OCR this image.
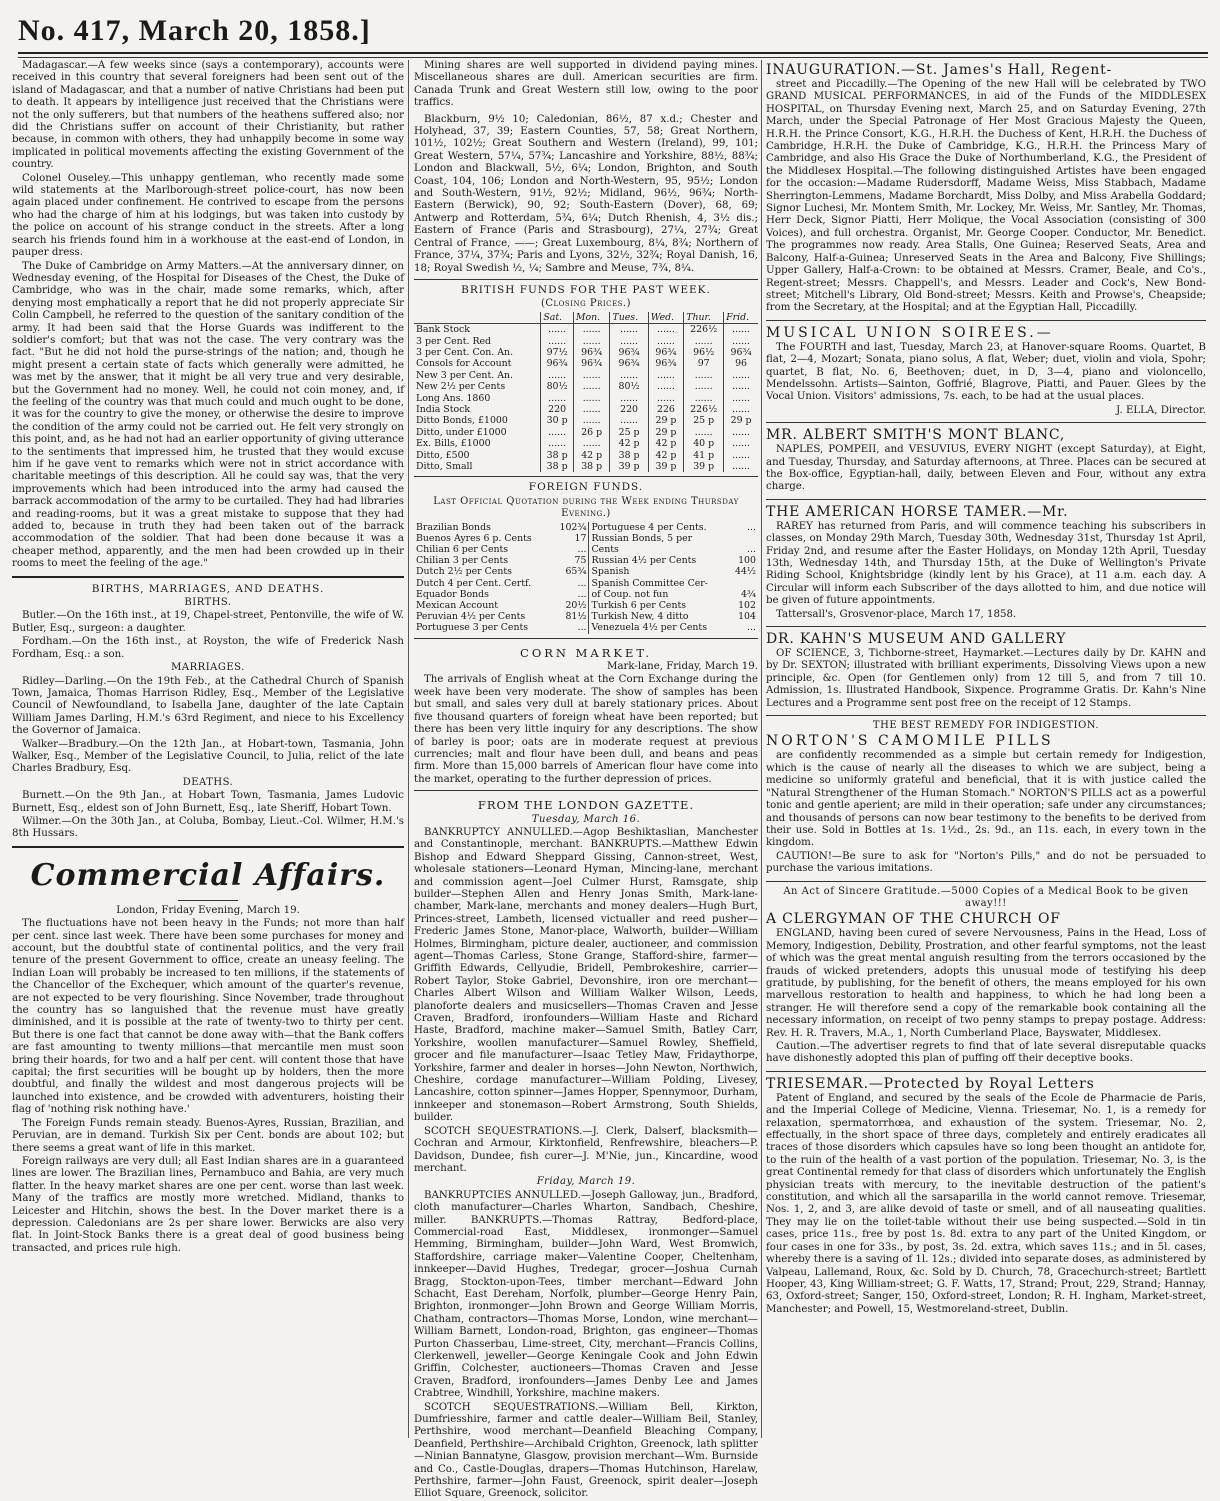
No. 417, March 20, 1858.]

Madagascar.—A few weeks since (says a contemporary), accounts were received in this country that several foreigners had been sent out of the island of Madagascar, and that a number of native Christians had been put to death. It appears by intelligence just received that the Christians were not the only sufferers, but that numbers of the heathens suffered also; nor did the Christians suffer on account of their Christianity, but rather because, in common with others, they had unhappily become in some way implicated in political movements affecting the existing Government of the country.

Colonel Ouseley.—This unhappy gentleman, who recently made some wild statements at the Marlborough-street police-court, has now been again placed under confinement. He contrived to escape from the persons who had the charge of him at his lodgings, but was taken into custody by the police on account of his strange conduct in the streets. After a long search his friends found him in a workhouse at the east-end of London, in pauper dress.

The Duke of Cambridge on Army Matters.—At the anniversary dinner, on Wednesday evening, of the Hospital for Diseases of the Chest, the Duke of Cambridge, who was in the chair, made some remarks, which, after denying most emphatically a report that he did not properly appreciate Sir Colin Campbell, he referred to the question of the sanitary condition of the army. It had been said that the Horse Guards was indifferent to the soldier's comfort; but that was not the case. The very contrary was the fact. "But he did not hold the purse-strings of the nation; and, though he might present a certain state of facts which generally were admitted, he was met by the answer, that it might be all very true and very desirable, but the Government had no money. Well, he could not coin money, and, if the feeling of the country was that much could and much ought to be done, it was for the country to give the money, or otherwise the desire to improve the condition of the army could not be carried out. He felt very strongly on this point, and, as he had not had an earlier opportunity of giving utterance to the sentiments that impressed him, he trusted that they would excuse him if he gave vent to remarks which were not in strict accordance with charitable meetings of this description. All he could say was, that the very improvements which had been introduced into the army had caused the barrack accommodation of the army to be curtailed. They had had libraries and reading-rooms, but it was a great mistake to suppose that they had added to, because in truth they had been taken out of the barrack accommodation of the soldier. That had been done because it was a cheaper method, apparently, and the men had been crowded up in their rooms to meet the feeling of the age."

BIRTHS, MARRIAGES, AND DEATHS.

BIRTHS.

Butler.—On the 16th inst., at 19, Chapel-street, Pentonville, the wife of W. Butler, Esq., surgeon: a daughter.

Fordham.—On the 16th inst., at Royston, the wife of Frederick Nash Fordham, Esq.: a son.

MARRIAGES.

Ridley—Darling.—On the 19th Feb., at the Cathedral Church of Spanish Town, Jamaica, Thomas Harrison Ridley, Esq., Member of the Legislative Council of Newfoundland, to Isabella Jane, daughter of the late Captain William James Darling, H.M.'s 63rd Regiment, and niece to his Excellency the Governor of Jamaica.

Walker—Bradbury.—On the 12th Jan., at Hobart-town, Tasmania, John Walker, Esq., Member of the Legislative Council, to Julia, relict of the late Charles Bradbury, Esq.

DEATHS.

Burnett.—On the 9th Jan., at Hobart Town, Tasmania, James Ludovic Burnett, Esq., eldest son of John Burnett, Esq., late Sheriff, Hobart Town.

Wilmer.—On the 30th Jan., at Coluba, Bombay, Lieut.-Col. Wilmer, H.M.'s 8th Hussars.

Commercial Affairs.

London, Friday Evening, March 19.

The fluctuations have not been heavy in the Funds; not more than half per cent. since last week. There have been some purchases for money and account, but the doubtful state of continental politics, and the very frail tenure of the present Government to office, create an uneasy feeling. The Indian Loan will probably be increased to ten millions, if the statements of the Chancellor of the Exchequer, which amount of the quarter's revenue, are not expected to be very flourishing. Since November, trade throughout the country has so languished that the revenue must have greatly diminished, and it is possible at the rate of twenty-two to thirty per cent. But there is one fact that cannot be done away with—that the Bank coffers are fast amounting to twenty millions—that mercantile men must soon bring their hoards, for two and a half per cent. will content those that have capital; the first securities will be bought up by holders, then the more doubtful, and finally the wildest and most dangerous projects will be launched into existence, and be crowded with adventurers, hoisting their flag of 'nothing risk nothing have.'

The Foreign Funds remain steady. Buenos-Ayres, Russian, Brazilian, and Peruvian, are in demand. Turkish Six per Cent. bonds are about 102; but there seems a great want of life in this market.

Foreign railways are very dull; all East Indian shares are in a guaranteed lines are lower. The Brazilian lines, Pernambuco and Bahia, are very much flatter. In the heavy market shares are one per cent. worse than last week. Many of the traffics are mostly more wretched. Midland, thanks to Leicester and Hitchin, shows the best. In the Dover market there is a depression. Caledonians are 2s per share lower. Berwicks are also very flat. In Joint-Stock Banks there is a great deal of good business being transacted, and prices rule high.

Mining shares are well supported in dividend paying mines. Miscellaneous shares are dull. American securities are firm. Canada Trunk and Great Western still low, owing to the poor traffics.

Blackburn, 9½ 10; Caledonian, 86½, 87 x.d.; Chester and Holyhead, 37, 39; Eastern Counties, 57, 58; Great Northern, 101½, 102½; Great Southern and Western (Ireland), 99, 101; Great Western, 57¼, 57¾; Lancashire and Yorkshire, 88½, 88¾; London and Blackwall, 5½, 6¼; London, Brighton, and South Coast, 104, 106; London and North-Western, 95, 95½; London and South-Western, 91½, 92½; Midland, 96½, 96¾; North-Eastern (Berwick), 90, 92; South-Eastern (Dover), 68, 69; Antwerp and Rotterdam, 5¾, 6¼; Dutch Rhenish, 4, 3½ dis.; Eastern of France (Paris and Strasbourg), 27¼, 27¾; Great Central of France, ——; Great Luxembourg, 8¼, 8¾; Northern of France, 37¼, 37¾; Paris and Lyons, 32½, 32¾; Royal Danish, 16, 18; Royal Swedish ½, ¼; Sambre and Meuse, 7¾, 8¼.

BRITISH FUNDS FOR THE PAST WEEK.

(Closing Prices.)

	Sat.	Mon.	Tues.	Wed.	Thur.	Frid.
Bank Stock	......	......	......	......	226½	......
3 per Cent. Red	......	......	......	......	......	......
3 per Cent. Con. An.	97½	96¾	96¾	96¾	96½	96¾
Consols for Account	96¾	96¾	96¾	96¾	97	96
New 3 per Cent. An.	......	......	......	......	......	......
New 2½ per Cents	80½	......	80½	......	......	......
Long Ans. 1860	......	......	......	......	......	......
India Stock	220	......	220	226	226½	......
Ditto Bonds, £1000	30 p	......	......	29 p	25 p	29 p
Ditto, under £1000	......	26 p	25 p	29 p	......	......
Ex. Bills, £1000	......	......	42 p	42 p	40 p	......
Ditto, £500	38 p	42 p	38 p	42 p	41 p	......
Ditto, Small	38 p	38 p	39 p	39 p	39 p	......

FOREIGN FUNDS.

Last Official Quotation during the Week ending Thursday Evening.)

Brazilian Bonds	102¾	Portuguese 4 per Cents.	...
Buenos Ayres 6 p. Cents	17	Russian Bonds, 5 per	
Chilian 6 per Cents	...	Cents	...
Chilian 3 per Cents	75	Russian 4½ per Cents	100
Dutch 2½ per Cents	65¾	Spanish	44½
Dutch 4 per Cent. Certf.	...	Spanish Committee Cer-	
Equador Bonds	...	of Coup. not fun	4¾
Mexican Account	20½	Turkish 6 per Cents	102
Peruvian 4½ per Cents	81½	Turkish New, 4 ditto	104
Portuguese 3 per Cents	...	Venezuela 4½ per Cents	...

CORN MARKET.

Mark-lane, Friday, March 19.

The arrivals of English wheat at the Corn Exchange during the week have been very moderate. The show of samples has been but small, and sales very dull at barely stationary prices. About five thousand quarters of foreign wheat have been reported; but there has been very little inquiry for any descriptions. The show of barley is poor; oats are in moderate request at previous currencies; malt and flour have been dull, and beans and peas firm. More than 15,000 barrels of American flour have come into the market, operating to the further depression of prices.

FROM THE LONDON GAZETTE.

Tuesday, March 16.

BANKRUPTCY ANNULLED.—Agop Beshiktaslian, Manchester and Constantinople, merchant. BANKRUPTS.—Matthew Edwin Bishop and Edward Sheppard Gissing, Cannon-street, West, wholesale stationers—Leonard Hyman, Mincing-lane, merchant and commission agent—Joel Culmer Hurst, Ramsgate, ship builder—Stephen Allen and Henry Jonas Smith, Mark-lane-chamber, Mark-lane, merchants and money dealers—Hugh Burt, Princes-street, Lambeth, licensed victualler and reed pusher—Frederic James Stone, Manor-place, Walworth, builder—William Holmes, Birmingham, picture dealer, auctioneer, and commission agent—Thomas Carless, Stone Grange, Stafford-shire, farmer—Griffith Edwards, Cellyudie, Bridell, Pembrokeshire, carrier—Robert Taylor, Stoke Gabriel, Devonshire, iron ore merchant—Charles Albert Wilson and William Walker Wilson, Leeds, planoforte dealers and musicsellers—Thomas Craven and Jesse Craven, Bradford, ironfounders—William Haste and Richard Haste, Bradford, machine maker—Samuel Smith, Batley Carr, Yorkshire, woollen manufacturer—Samuel Rowley, Sheffield, grocer and file manufacturer—Isaac Tetley Maw, Fridaythorpe, Yorkshire, farmer and dealer in horses—John Newton, Northwich, Cheshire, cordage manufacturer—William Polding, Livesey, Lancashire, cotton spinner—James Hopper, Spennymoor, Durham, innkeeper and stonemason—Robert Armstrong, South Shields, builder.

SCOTCH SEQUESTRATIONS.—J. Clerk, Dalserf, blacksmith—Cochran and Armour, Kirktonfield, Renfrewshire, bleachers—P. Davidson, Dundee, fish curer—J. M'Nie, jun., Kincardine, wood merchant.

Friday, March 19.

BANKRUPTCIES ANNULLED.—Joseph Galloway, jun., Bradford, cloth manufacturer—Charles Wharton, Sandbach, Cheshire, miller. BANKRUPTS.—Thomas Rattray, Bedford-place, Commercial-road East, Middlesex, ironmonger—Samuel Hemming, Birmingham, builder—John Ward, West Bromwich, Staffordshire, carriage maker—Valentine Cooper, Cheltenham, innkeeper—David Hughes, Tredegar, grocer—Joshua Curnah Bragg, Stockton-upon-Tees, timber merchant—Edward John Schacht, East Dereham, Norfolk, plumber—George Henry Pain, Brighton, ironmonger—John Brown and George William Morris, Chatham, contractors—Thomas Morse, London, wine merchant—William Barnett, London-road, Brighton, gas engineer—Thomas Purton Chasserbau, Lime-street, City, merchant—Francis Collins, Clerkenwell, jeweller—George Keningale Cook and John Edwin Griffin, Colchester, auctioneers—Thomas Craven and Jesse Craven, Bradford, ironfounders—James Denby Lee and James Crabtree, Windhill, Yorkshire, machine makers.

SCOTCH SEQUESTRATIONS.—William Bell, Kirkton, Dumfriesshire, farmer and cattle dealer—William Beil, Stanley, Perthshire, wood merchant—Deanfield Bleaching Company, Deanfield, Perthshire—Archibald Crighton, Greenock, lath splitter—Ninian Bannatyne, Glasgow, provision merchant—Wm. Burnside and Co., Castle-Douglas, drapers—Thomas Hutchinson, Harelaw, Perthshire, farmer—John Faust, Greenock, spirit dealer—Joseph Elliot Square, Greenock, solicitor.

INAUGURATION.—St. James's Hall, Regent-

street and Piccadilly.—The Opening of the new Hall will be celebrated by TWO GRAND MUSICAL PERFORMANCES, in aid of the Funds of the MIDDLESEX HOSPITAL, on Thursday Evening next, March 25, and on Saturday Evening, 27th March, under the Special Patronage of Her Most Gracious Majesty the Queen, H.R.H. the Prince Consort, K.G., H.R.H. the Duchess of Kent, H.R.H. the Duchess of Cambridge, H.R.H. the Duke of Cambridge, K.G., H.R.H. the Princess Mary of Cambridge, and also His Grace the Duke of Northumberland, K.G., the President of the Middlesex Hospital.—The following distinguished Artistes have been engaged for the occasion:—Madame Rudersdorff, Madame Weiss, Miss Stabbach, Madame Sherrington-Lemmens, Madame Borchardt, Miss Dolby, and Miss Arabella Goddard; Signor Luchesi, Mr. Montem Smith, Mr. Lockey, Mr. Weiss, Mr. Santley, Mr. Thomas, Herr Deck, Signor Piatti, Herr Molique, the Vocal Association (consisting of 300 Voices), and full orchestra. Organist, Mr. George Cooper. Conductor, Mr. Benedict. The programmes now ready. Area Stalls, One Guinea; Reserved Seats, Area and Balcony, Half-a-Guinea; Unreserved Seats in the Area and Balcony, Five Shillings; Upper Gallery, Half-a-Crown: to be obtained at Messrs. Cramer, Beale, and Co's., Regent-street; Messrs. Chappell's, and Messrs. Leader and Cock's, New Bond-street; Mitchell's Library, Old Bond-street; Messrs. Keith and Prowse's, Cheapside; from the Secretary, at the Hospital; and at the Egyptian Hall, Piccadilly.

MUSICAL UNION SOIREES.—

The FOURTH and last, Tuesday, March 23, at Hanover-square Rooms. Quartet, B flat, 2—4, Mozart; Sonata, piano solus, A flat, Weber; duet, violin and viola, Spohr; quartet, B flat, No. 6, Beethoven; duet, in D, 3—4, piano and violoncello, Mendelssohn. Artists—Sainton, Goffrié, Blagrove, Piatti, and Pauer. Glees by the Vocal Union. Visitors' admissions, 7s. each, to be had at the usual places.

J. ELLA, Director.

MR. ALBERT SMITH'S MONT BLANC,

NAPLES, POMPEII, and VESUVIUS, EVERY NIGHT (except Saturday), at Eight, and Tuesday, Thursday, and Saturday afternoons, at Three. Places can be secured at the Box-office, Egyptian-hall, daily, between Eleven and Four, without any extra charge.

THE AMERICAN HORSE TAMER.—Mr.

RAREY has returned from Paris, and will commence teaching his subscribers in classes, on Monday 29th March, Tuesday 30th, Wednesday 31st, Thursday 1st April, Friday 2nd, and resume after the Easter Holidays, on Monday 12th April, Tuesday 13th, Wednesday 14th, and Thursday 15th, at the Duke of Wellington's Private Riding School, Knightsbridge (kindly lent by his Grace), at 11 a.m. each day. A Circular will inform each Subscriber of the days allotted to him, and due notice will be given of future appointments.

Tattersall's, Grosvenor-place, March 17, 1858.

DR. KAHN'S MUSEUM AND GALLERY

OF SCIENCE, 3, Tichborne-street, Haymarket.—Lectures daily by Dr. KAHN and by Dr. SEXTON; illustrated with brilliant experiments, Dissolving Views upon a new principle, &c. Open (for Gentlemen only) from 12 till 5, and from 7 till 10. Admission, 1s. Illustrated Handbook, Sixpence. Programme Gratis. Dr. Kahn's Nine Lectures and a Programme sent post free on the receipt of 12 Stamps.

THE BEST REMEDY FOR INDIGESTION.

NORTON'S CAMOMILE PILLS

are confidently recommended as a simple but certain remedy for Indigestion, which is the cause of nearly all the diseases to which we are subject, being a medicine so uniformly grateful and beneficial, that it is with justice called the "Natural Strengthener of the Human Stomach." NORTON'S PILLS act as a powerful tonic and gentle aperient; are mild in their operation; safe under any circumstances; and thousands of persons can now bear testimony to the benefits to be derived from their use. Sold in Bottles at 1s. 1½d., 2s. 9d., an 11s. each, in every town in the kingdom.

CAUTION!—Be sure to ask for "Norton's Pills," and do not be persuaded to purchase the various imitations.

An Act of Sincere Gratitude.—5000 Copies of a Medical Book to be given away!!!

A CLERGYMAN OF THE CHURCH OF

ENGLAND, having been cured of severe Nervousness, Pains in the Head, Loss of Memory, Indigestion, Debility, Prostration, and other fearful symptoms, not the least of which was the great mental anguish resulting from the terrors occasioned by the frauds of wicked pretenders, adopts this unusual mode of testifying his deep gratitude, by publishing, for the benefit of others, the means employed for his own marvellous restoration to health and happiness, to which he had long been a stranger. He will therefore send a copy of the remarkable book containing all the necessary information, on receipt of two penny stamps to prepay postage. Address: Rev. H. R. Travers, M.A., 1, North Cumberland Place, Bayswater, Middlesex.

Caution.—The advertiser regrets to find that of late several disreputable quacks have dishonestly adopted this plan of puffing off their deceptive books.

TRIESEMAR.—Protected by Royal Letters

Patent of England, and secured by the seals of the Ecole de Pharmacie de Paris, and the Imperial College of Medicine, Vienna. Triesemar, No. 1, is a remedy for relaxation, spermatorrhœa, and exhaustion of the system. Triesemar, No. 2, effectually, in the short space of three days, completely and entirely eradicates all traces of those disorders which capsules have so long been thought an antidote for, to the ruin of the health of a vast portion of the population. Triesemar, No. 3, is the great Continental remedy for that class of disorders which unfortunately the English physician treats with mercury, to the inevitable destruction of the patient's constitution, and which all the sarsaparilla in the world cannot remove. Triesemar, Nos. 1, 2, and 3, are alike devoid of taste or smell, and of all nauseating qualities. They may lie on the toilet-table without their use being suspected.—Sold in tin cases, price 11s., free by post 1s. 8d. extra to any part of the United Kingdom, or four cases in one for 33s., by post, 3s. 2d. extra, which saves 11s.; and in 5l. cases, whereby there is a saving of 1l. 12s.; divided into separate doses, as administered by Valpeau, Lallemand, Roux, &c. Sold by D. Church, 78, Gracechurch-street; Bartlett Hooper, 43, King William-street; G. F. Watts, 17, Strand; Prout, 229, Strand; Hannay, 63, Oxford-street; Sanger, 150, Oxford-street, London; R. H. Ingham, Market-street, Manchester; and Powell, 15, Westmoreland-street, Dublin.
